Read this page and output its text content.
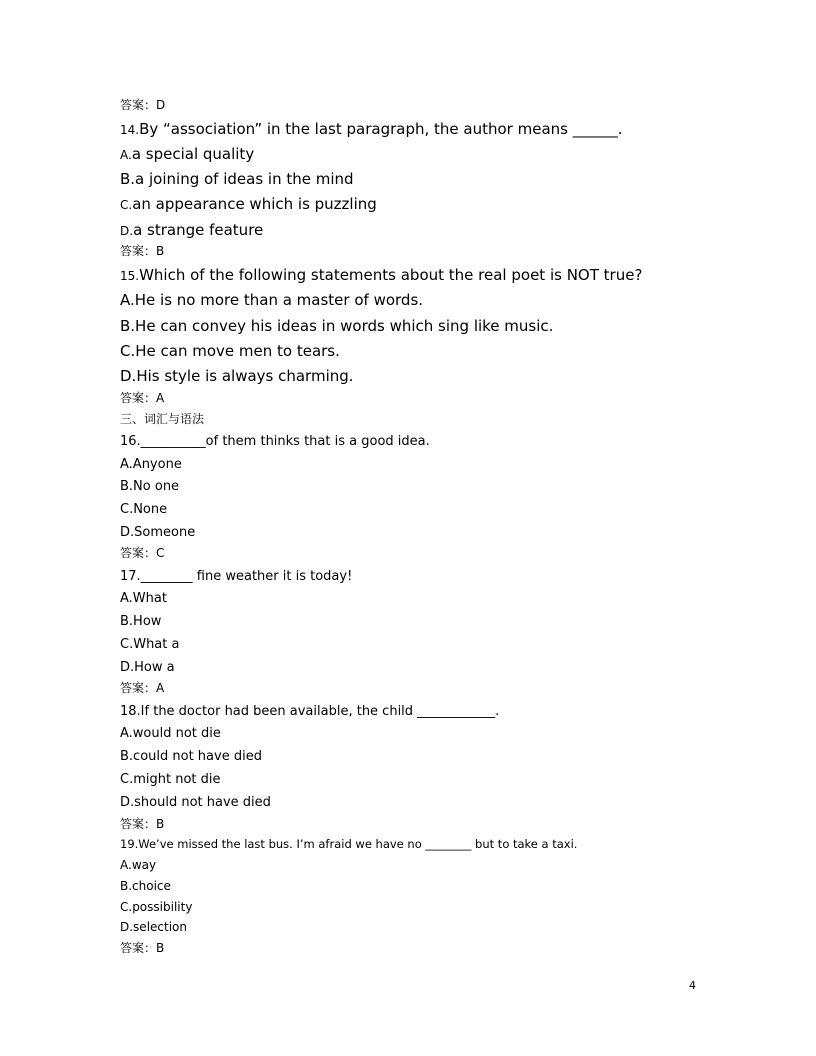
答案：D
14.By “association” in the last paragraph, the author means ______.
A.a special quality
B.a joining of ideas in the mind
C.an appearance which is puzzling
D.a strange feature
答案：B
15.Which of the following statements about the real poet is NOT true?
A.He is no more than a master of words.
B.He can convey his ideas in words which sing like music.
C.He can move men to tears.
D.His style is always charming.
答案：A
三、词汇与语法
16.__________of them thinks that is a good idea.
A.Anyone
B.No one
C.None
D.Someone
答案：C
17.________ fine weather it is today!
A.What
B.How
C.What a
D.How a
答案：A
18.If the doctor had been available, the child ____________.
A.would not die
B.could not have died
C.might not die
D.should not have died
答案：B
19.We’ve missed the last bus. I’m afraid we have no ________ but to take a taxi.
A.way
B.choice
C.possibility
D.selection
答案：B
4
